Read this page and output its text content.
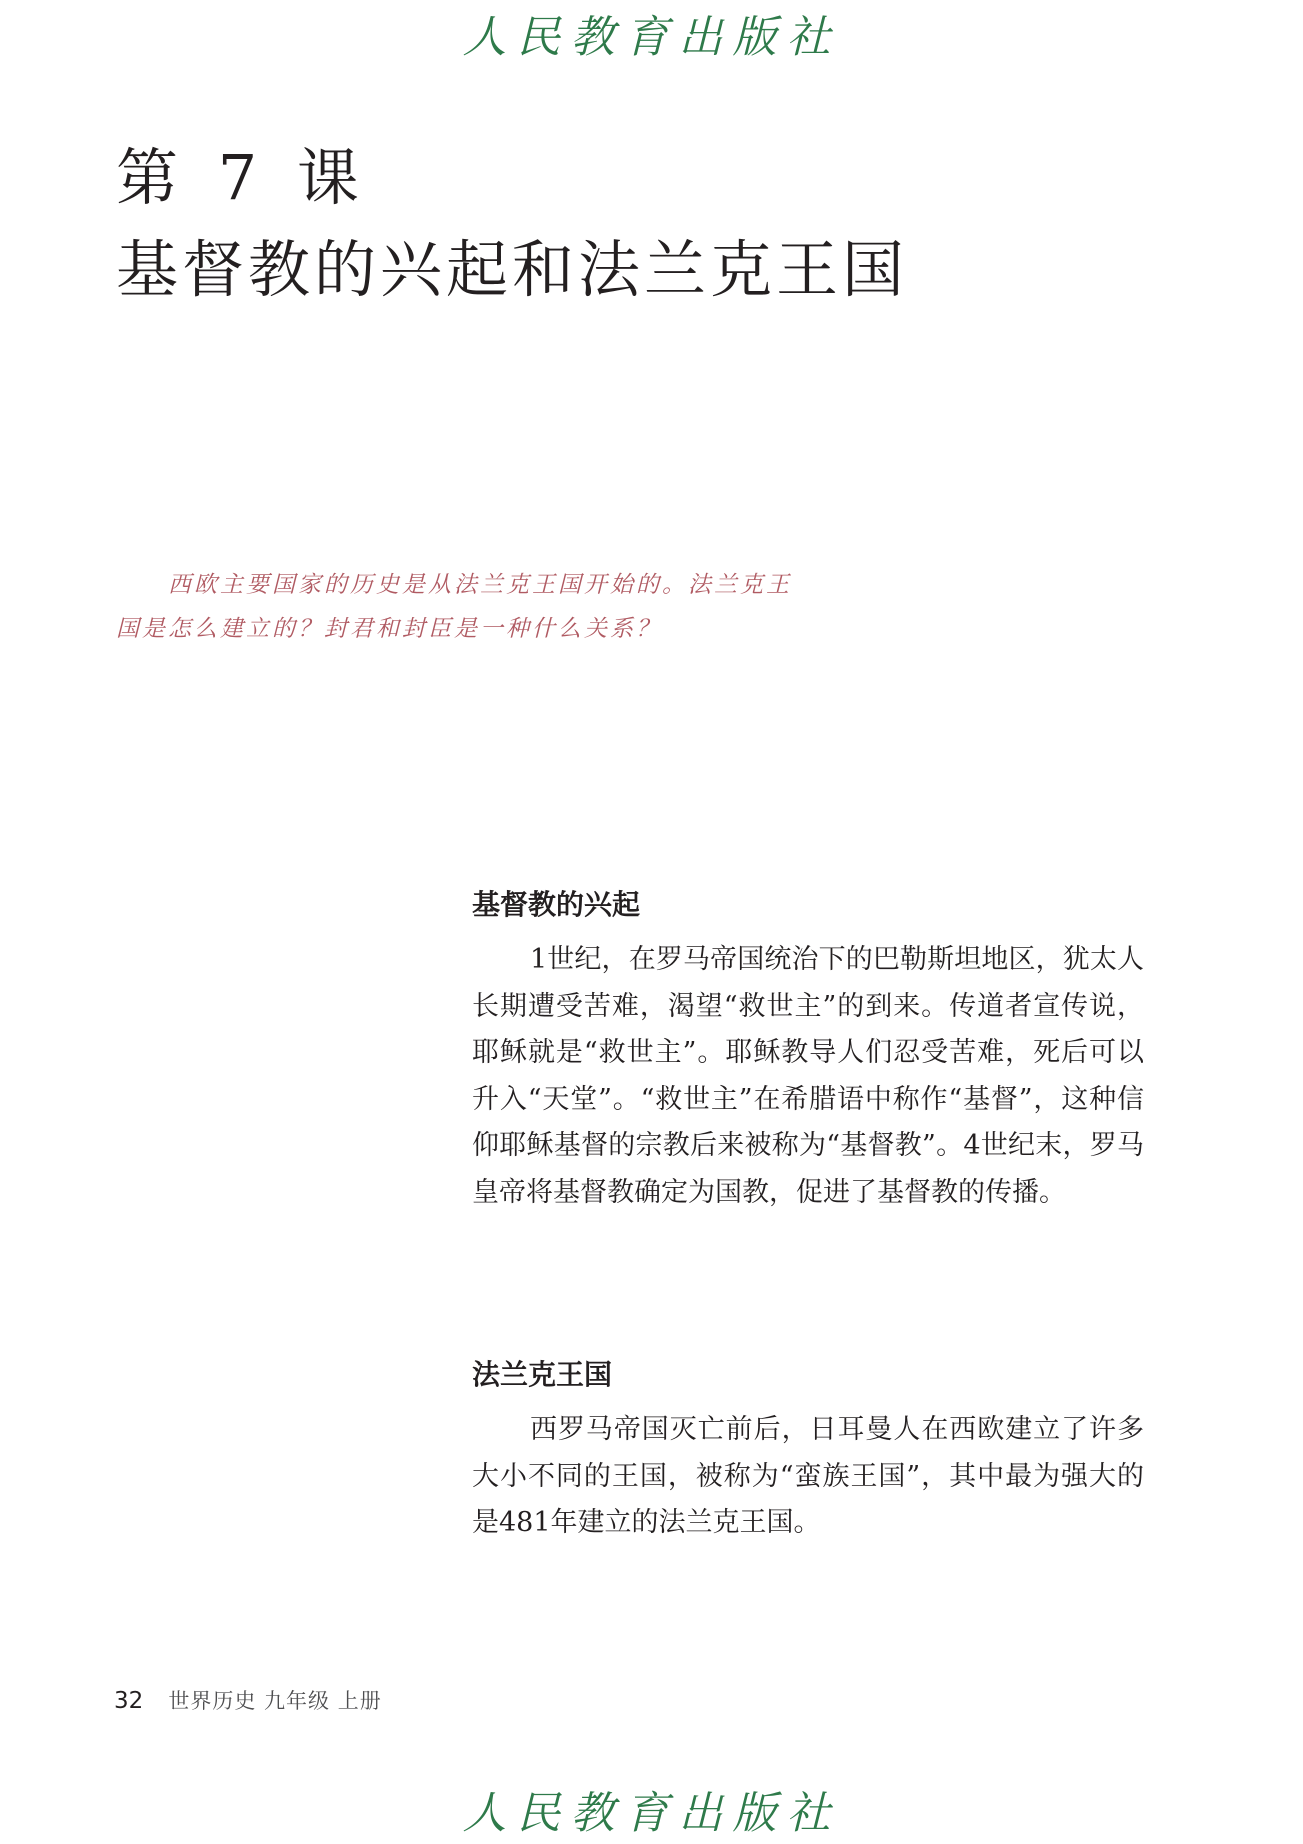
人民教育出版社
第 7 课
基督教的兴起和法兰克王国

西欧主要国家的历史是从法兰克王国开始的。法兰克王国是怎么建立的？封君和封臣是一种什么关系？

基督教的兴起

1世纪，在罗马帝国统治下的巴勒斯坦地区，犹太人长期遭受苦难，渴望“救世主”的到来。传道者宣传说，耶稣就是“救世主”。耶稣教导人们忍受苦难，死后可以升入“天堂”。“救世主”在希腊语中称作“基督”，这种信仰耶稣基督的宗教后来被称为“基督教”。4世纪末，罗马皇帝将基督教确定为国教，促进了基督教的传播。

法兰克王国

西罗马帝国灭亡前后，日耳曼人在西欧建立了许多大小不同的王国，被称为“蛮族王国”，其中最为强大的是481年建立的法兰克王国。

32 世界历史 九年级 上册
人民教育出版社
